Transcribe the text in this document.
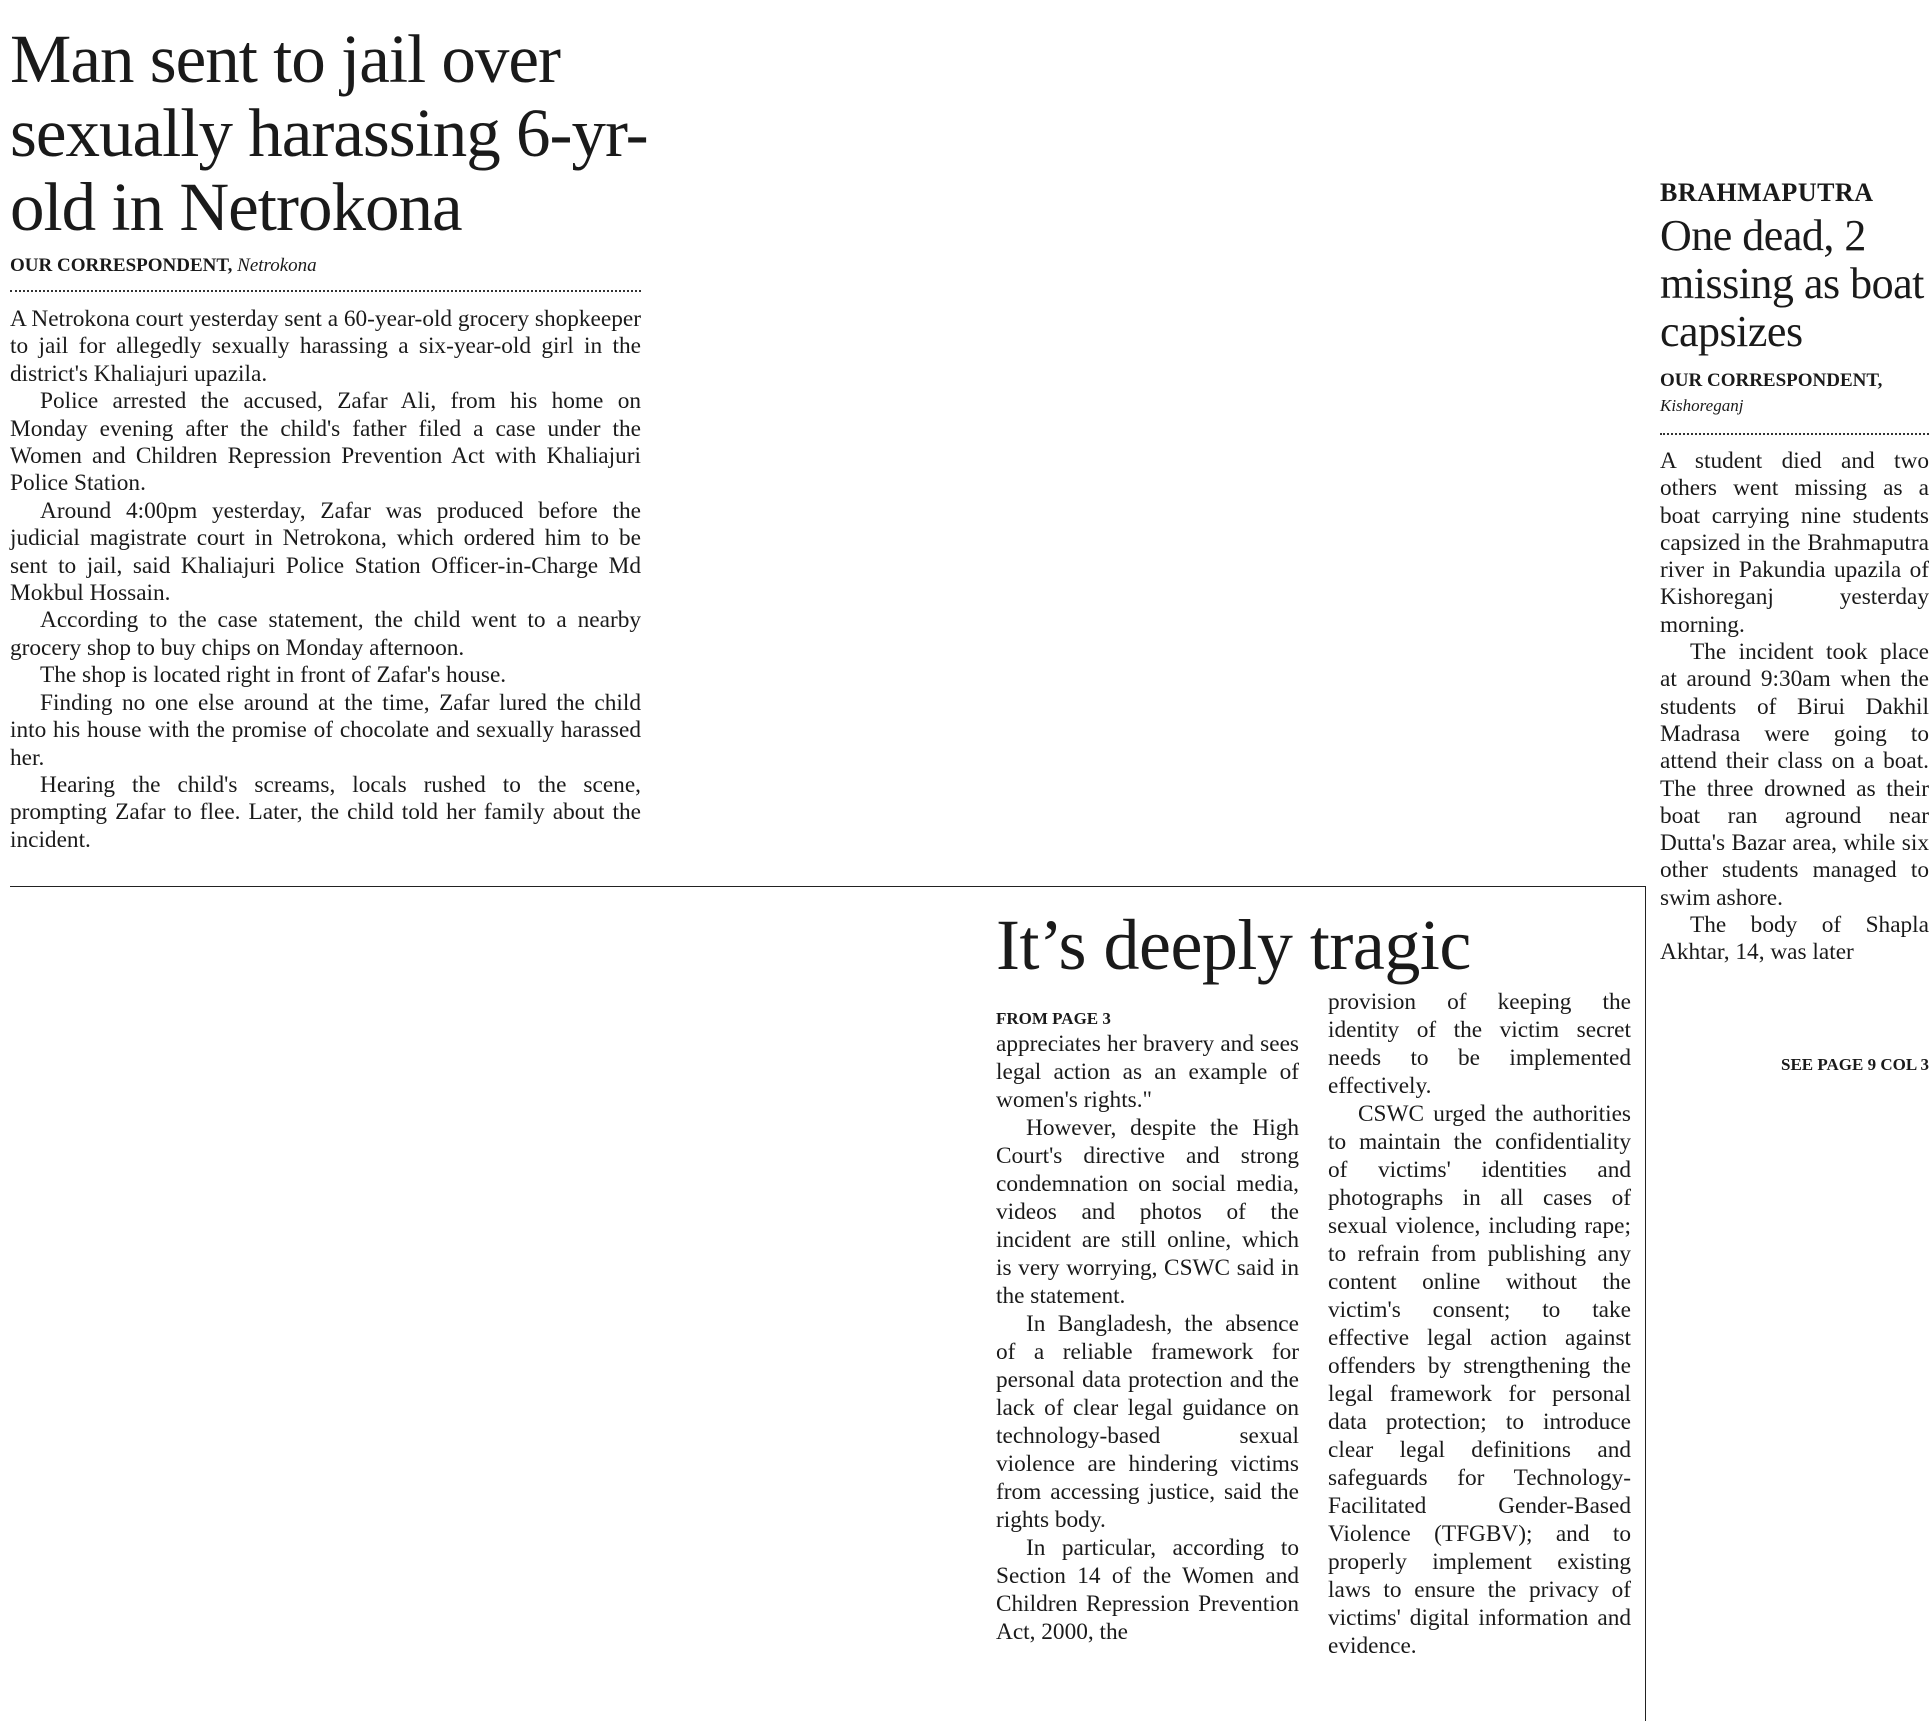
Man sent to jail over sexually harassing 6-yr-old in Netrokona
OUR CORRESPONDENT, Netrokona

A Netrokona court yesterday sent a 60-year-old grocery shopkeeper to jail for allegedly sexually harassing a six-year-old girl in the district's Khaliajuri upazila.

Police arrested the accused, Zafar Ali, from his home on Monday evening after the child's father filed a case under the Women and Children Repression Prevention Act with Khaliajuri Police Station.

Around 4:00pm yesterday, Zafar was produced before the judicial magistrate court in Netrokona, which ordered him to be sent to jail, said Khaliajuri Police Station Officer-in-Charge Md Mokbul Hossain.

According to the case statement, the child went to a nearby grocery shop to buy chips on Monday afternoon.

The shop is located right in front of Zafar's house.

Finding no one else around at the time, Zafar lured the child into his house with the promise of chocolate and sexually harassed her.

Hearing the child's screams, locals rushed to the scene, prompting Zafar to flee. Later, the child told her family about the incident.

It’s deeply tragic
FROM PAGE 3

appreciates her bravery and sees legal action as an example of women's rights."

However, despite the High Court's directive and strong condemnation on social media, videos and photos of the incident are still online, which is very worrying, CSWC said in the statement.

In Bangladesh, the absence of a reliable framework for personal data protection and the lack of clear legal guidance on technology-based sexual violence are hindering victims from accessing justice, said the rights body.

In particular, according to Section 14 of the Women and Children Repression Prevention Act, 2000, the

provision of keeping the identity of the victim secret needs to be implemented effectively.

CSWC urged the authorities to maintain the confidentiality of victims' identities and photographs in all cases of sexual violence, including rape; to refrain from publishing any content online without the victim's consent; to take effective legal action against offenders by strengthening the legal framework for personal data protection; to introduce clear legal definitions and safeguards for Technology-Facilitated Gender-Based Violence (TFGBV); and to properly implement existing laws to ensure the privacy of victims' digital information and evidence.

BRAHMAPUTRA
One dead, 2 missing as boat capsizes
OUR CORRESPONDENT,
Kishoreganj

A student died and two others went missing as a boat carrying nine students capsized in the Brahmaputra river in Pakundia upazila of Kishoreganj yesterday morning.

The incident took place at around 9:30am when the students of Birui Dakhil Madrasa were going to attend their class on a boat. The three drowned as their boat ran aground near Dutta's Bazar area, while six other students managed to swim ashore.

The body of Shapla Akhtar, 14, was later

SEE PAGE 9 COL 3
